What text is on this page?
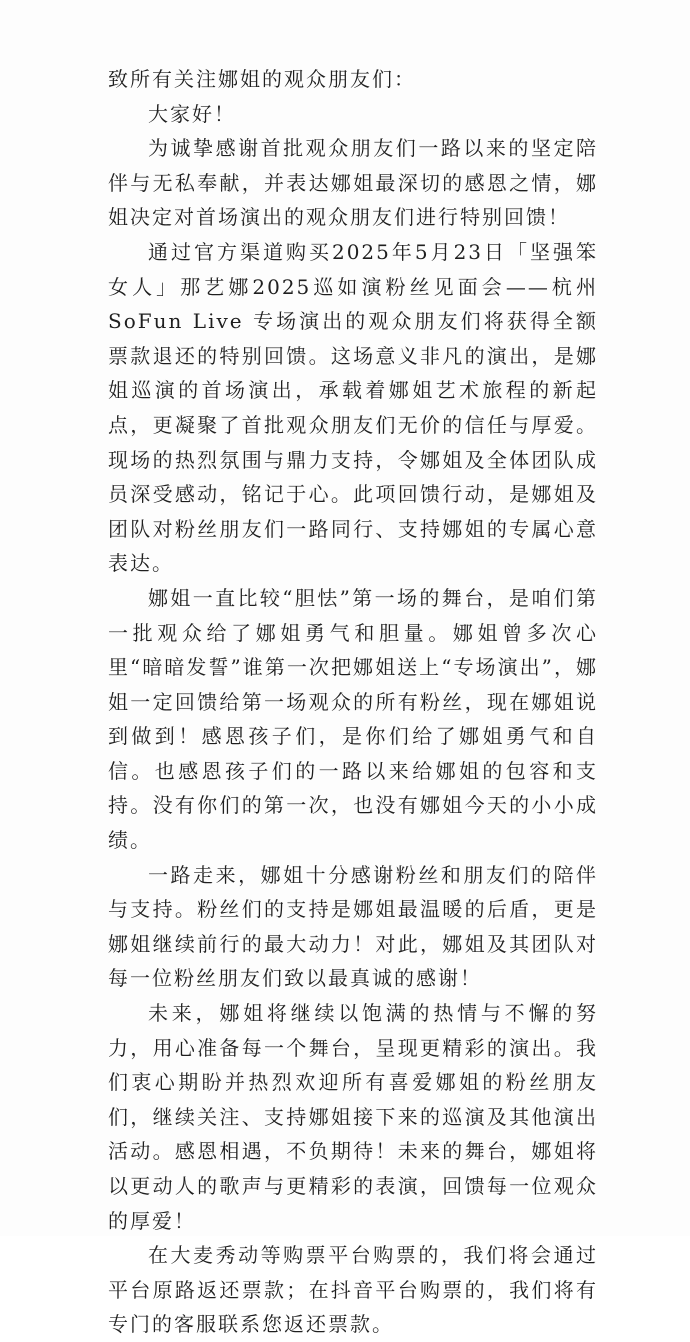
致所有关注娜姐的观众朋友们：

大家好！

为诚挚感谢首批观众朋友们一路以来的坚定陪伴与无私奉献，并表达娜姐最深切的感恩之情，娜姐决定对首场演出的观众朋友们进行特别回馈！

通过官方渠道购买2025年5月23日「坚强笨女人」那艺娜2025巡如演粉丝见面会——杭州 SoFun Live 专场演出的观众朋友们将获得全额票款退还的特别回馈。这场意义非凡的演出，是娜姐巡演的首场演出，承载着娜姐艺术旅程的新起点，更凝聚了首批观众朋友们无价的信任与厚爱。现场的热烈氛围与鼎力支持，令娜姐及全体团队成员深受感动，铭记于心。此项回馈行动，是娜姐及团队对粉丝朋友们一路同行、支持娜姐的专属心意表达。

娜姐一直比较“胆怯”第一场的舞台，是咱们第一批观众给了娜姐勇气和胆量。娜姐曾多次心里“暗暗发誓”谁第一次把娜姐送上“专场演出”，娜姐一定回馈给第一场观众的所有粉丝，现在娜姐说到做到！感恩孩子们，是你们给了娜姐勇气和自信。也感恩孩子们的一路以来给娜姐的包容和支持。没有你们的第一次，也没有娜姐今天的小小成绩。

一路走来，娜姐十分感谢粉丝和朋友们的陪伴与支持。粉丝们的支持是娜姐最温暖的后盾，更是娜姐继续前行的最大动力！对此，娜姐及其团队对每一位粉丝朋友们致以最真诚的感谢！

未来，娜姐将继续以饱满的热情与不懈的努力，用心准备每一个舞台，呈现更精彩的演出。我们衷心期盼并热烈欢迎所有喜爱娜姐的粉丝朋友们，继续关注、支持娜姐接下来的巡演及其他演出活动。感恩相遇，不负期待！未来的舞台，娜姐将以更动人的歌声与更精彩的表演，回馈每一位观众的厚爱！

在大麦秀动等购票平台购票的，我们将会通过平台原路返还票款；在抖音平台购票的，我们将有专门的客服联系您返还票款。
